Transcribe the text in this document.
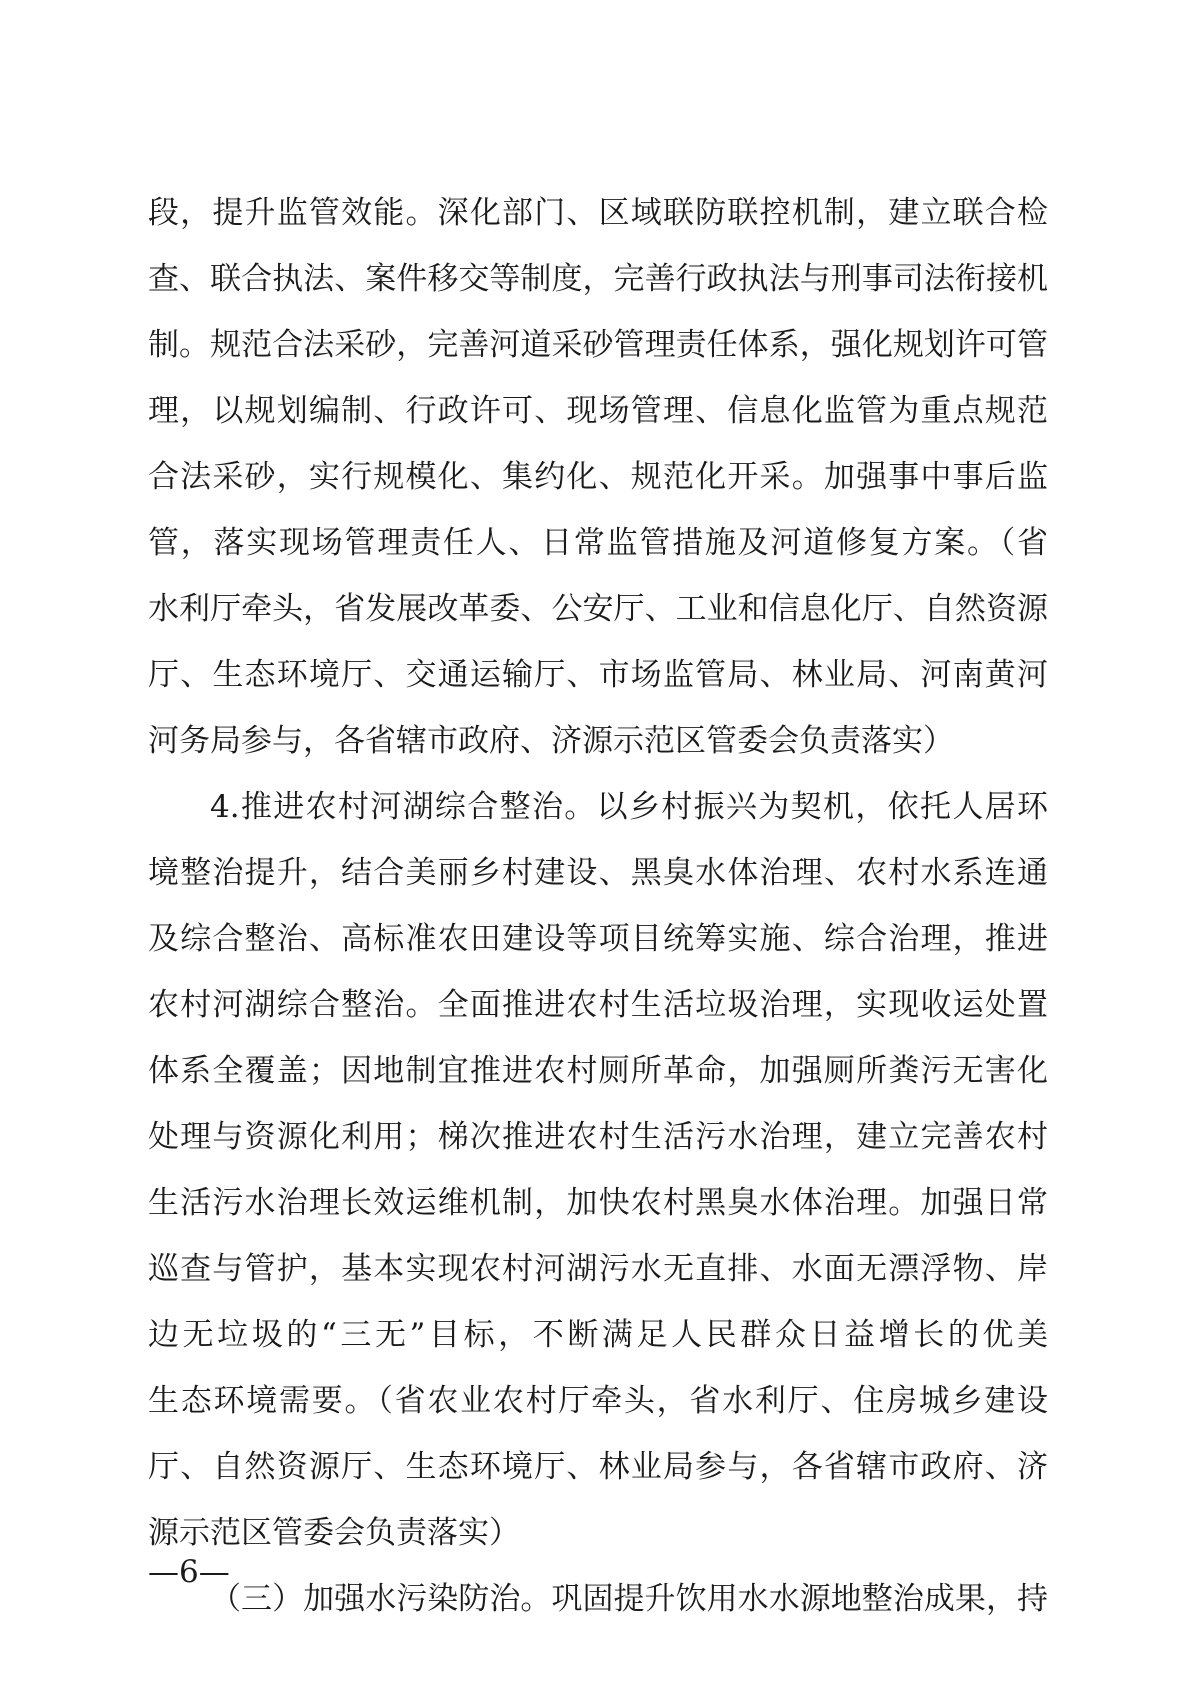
段，提升监管效能。深化部门、区域联防联控机制，建立联合检
查、联合执法、案件移交等制度，完善行政执法与刑事司法衔接机
制。规范合法采砂，完善河道采砂管理责任体系，强化规划许可管
理，以规划编制、行政许可、现场管理、信息化监管为重点规范
合法采砂，实行规模化、集约化、规范化开采。加强事中事后监
管，落实现场管理责任人、日常监管措施及河道修复方案。（省
水利厅牵头，省发展改革委、公安厅、工业和信息化厅、自然资源
厅、生态环境厅、交通运输厅、市场监管局、林业局、河南黄河
河务局参与，各省辖市政府、济源示范区管委会负责落实）
4.推进农村河湖综合整治。以乡村振兴为契机，依托人居环
境整治提升，结合美丽乡村建设、黑臭水体治理、农村水系连通
及综合整治、高标准农田建设等项目统筹实施、综合治理，推进
农村河湖综合整治。全面推进农村生活垃圾治理，实现收运处置
体系全覆盖；因地制宜推进农村厕所革命，加强厕所粪污无害化
处理与资源化利用；梯次推进农村生活污水治理，建立完善农村
生活污水治理长效运维机制，加快农村黑臭水体治理。加强日常
巡查与管护，基本实现农村河湖污水无直排、水面无漂浮物、岸
边无垃圾的“三无”目标，不断满足人民群众日益增长的优美
生态环境需要。（省农业农村厅牵头，省水利厅、住房城乡建设
厅、自然资源厅、生态环境厅、林业局参与，各省辖市政府、济
源示范区管委会负责落实）
（三）加强水污染防治。巩固提升饮用水水源地整治成果，持
—6—
